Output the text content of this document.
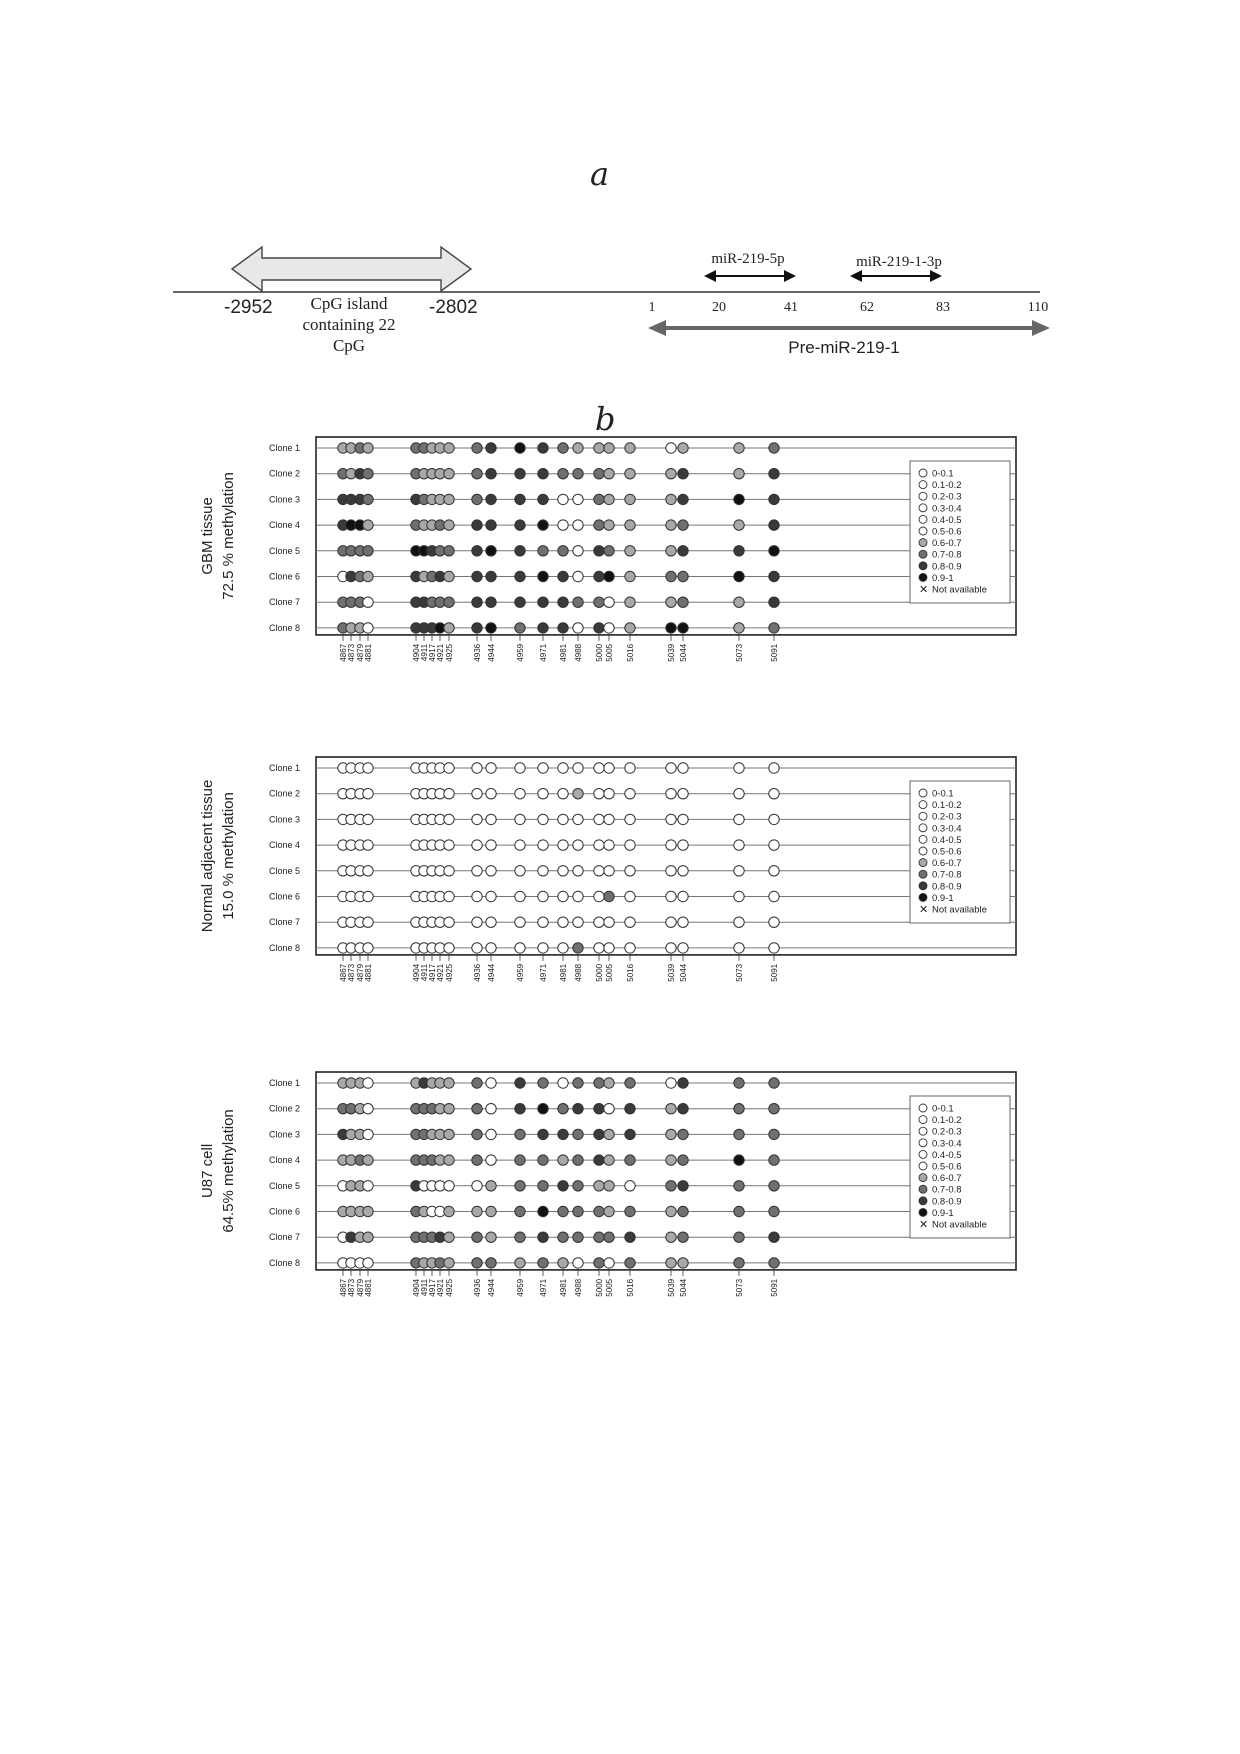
a
b
-2952	-2802
CpG island
containing 22
CpG
miR-219-5p	miR-219-1-3p
1	20	41	62	83	110
Pre-miR-219-1
GBM tissue 72.5 % methylation
Clone 1
Clone 2
Clone 3
Clone 4
Clone 5
Clone 6
Clone 7
Clone 8
4867 4873 4879 4881	4904 4911 4917 4921 4925 4936 4944	4959 4971 4981 4988 5000 5005 5016	5039 5044	5073	5091
0-0.1
0.1-0.2
0.2-0.3
0.3-0.4
0.4-0.5
0.5-0.6
0.6-0.7
0.7-0.8
0.8-0.9
0.9-1
✕ Not available
Normal adjacent tissue 15.0 % methylation
Clone 1
Clone 2
Clone 3
Clone 4
Clone 5
Clone 6
Clone 7
Clone 8
4867 4873 4879 4881	4904 4911 4917 4921 4925 4936 4944	4959 4971 4981 4988 5000 5005 5016	5039 5044	5073	5091
0-0.1
0.1-0.2
0.2-0.3
0.3-0.4
0.4-0.5
0.5-0.6
0.6-0.7
0.7-0.8
0.8-0.9
0.9-1
✕ Not available
U87 cell 64.5% methylation
Clone 1
Clone 2
Clone 3
Clone 4
Clone 5
Clone 6
Clone 7
Clone 8
4867 4873 4879 4881	4904 4911 4917 4921 4925 4936 4944	4959 4971 4981 4988 5000 5005 5016	5039 5044	5073	5091
0-0.1
0.1-0.2
0.2-0.3
0.3-0.4
0.4-0.5
0.5-0.6
0.6-0.7
0.7-0.8
0.8-0.9
0.9-1
✕ Not available
